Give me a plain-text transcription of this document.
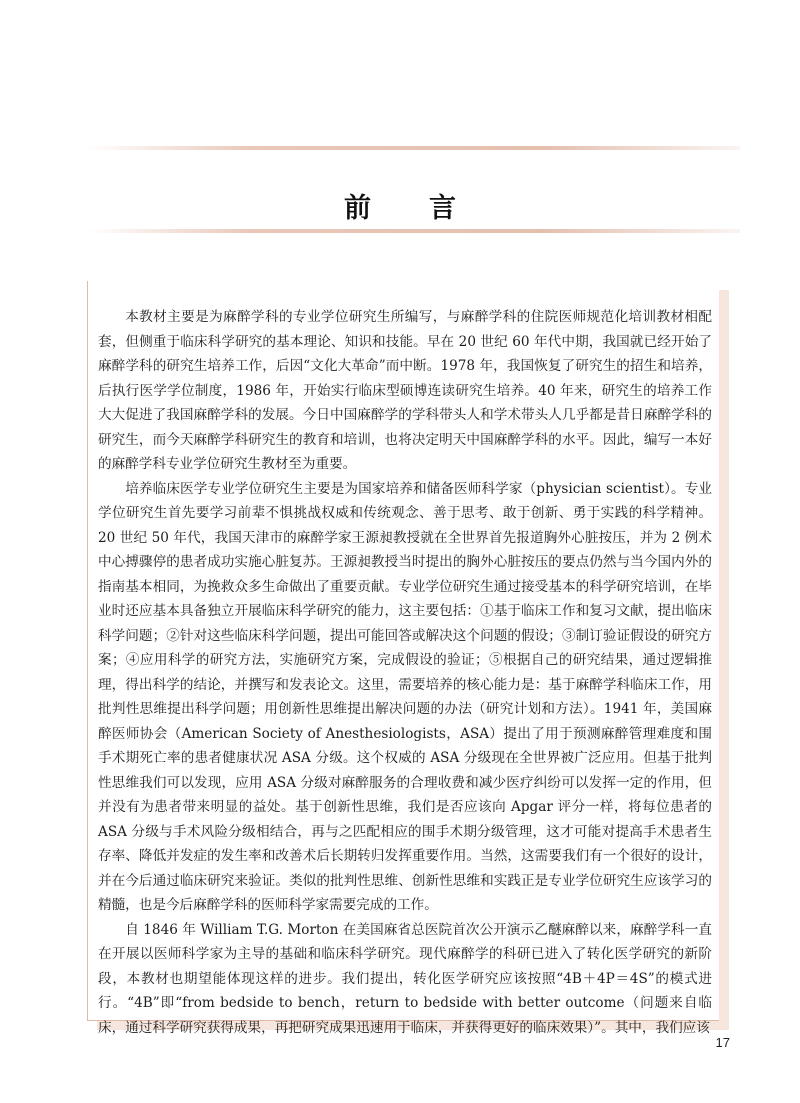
前言

本教材主要是为麻醉学科的专业学位研究生所编写，与麻醉学科的住院医师规范化培训教材相配套，但侧重于临床科学研究的基本理论、知识和技能。早在 20 世纪 60 年代中期，我国就已经开始了麻醉学科的研究生培养工作，后因“文化大革命”而中断。1978 年，我国恢复了研究生的招生和培养，后执行医学学位制度，1986 年，开始实行临床型硕博连读研究生培养。40 年来，研究生的培养工作大大促进了我国麻醉学科的发展。今日中国麻醉学的学科带头人和学术带头人几乎都是昔日麻醉学科的研究生，而今天麻醉学科研究生的教育和培训，也将决定明天中国麻醉学科的水平。因此，编写一本好的麻醉学科专业学位研究生教材至为重要。

培养临床医学专业学位研究生主要是为国家培养和储备医师科学家（physician scientist）。专业学位研究生首先要学习前辈不惧挑战权威和传统观念、善于思考、敢于创新、勇于实践的科学精神。20 世纪 50 年代，我国天津市的麻醉学家王源昶教授就在全世界首先报道胸外心脏按压，并为 2 例术中心搏骤停的患者成功实施心脏复苏。王源昶教授当时提出的胸外心脏按压的要点仍然与当今国内外的指南基本相同，为挽救众多生命做出了重要贡献。专业学位研究生通过接受基本的科学研究培训，在毕业时还应基本具备独立开展临床科学研究的能力，这主要包括：①基于临床工作和复习文献，提出临床科学问题；②针对这些临床科学问题，提出可能回答或解决这个问题的假设；③制订验证假设的研究方案；④应用科学的研究方法，实施研究方案，完成假设的验证；⑤根据自己的研究结果，通过逻辑推理，得出科学的结论，并撰写和发表论文。这里，需要培养的核心能力是：基于麻醉学科临床工作，用批判性思维提出科学问题；用创新性思维提出解决问题的办法（研究计划和方法）。1941 年，美国麻醉医师协会（American Society of Anesthesiologists，ASA）提出了用于预测麻醉管理难度和围手术期死亡率的患者健康状况 ASA 分级。这个权威的 ASA 分级现在全世界被广泛应用。但基于批判性思维我们可以发现，应用 ASA 分级对麻醉服务的合理收费和减少医疗纠纷可以发挥一定的作用，但并没有为患者带来明显的益处。基于创新性思维，我们是否应该向 Apgar 评分一样，将每位患者的 ASA 分级与手术风险分级相结合，再与之匹配相应的围手术期分级管理，这才可能对提高手术患者生存率、降低并发症的发生率和改善术后长期转归发挥重要作用。当然，这需要我们有一个很好的设计，并在今后通过临床研究来验证。类似的批判性思维、创新性思维和实践正是专业学位研究生应该学习的精髓，也是今后麻醉学科的医师科学家需要完成的工作。

自 1846 年 William T.G. Morton 在美国麻省总医院首次公开演示乙醚麻醉以来，麻醉学科一直在开展以医师科学家为主导的基础和临床科学研究。现代麻醉学的科研已进入了转化医学研究的新阶段，本教材也期望能体现这样的进步。我们提出，转化医学研究应该按照“4B＋4P＝4S”的模式进行。“4B”即“from bedside to bench，return to bedside with better outcome（问题来自临床，通过科学研究获得成果，再把研究成果迅速用于临床，并获得更好的临床效果）”。其中，我们应该

17
